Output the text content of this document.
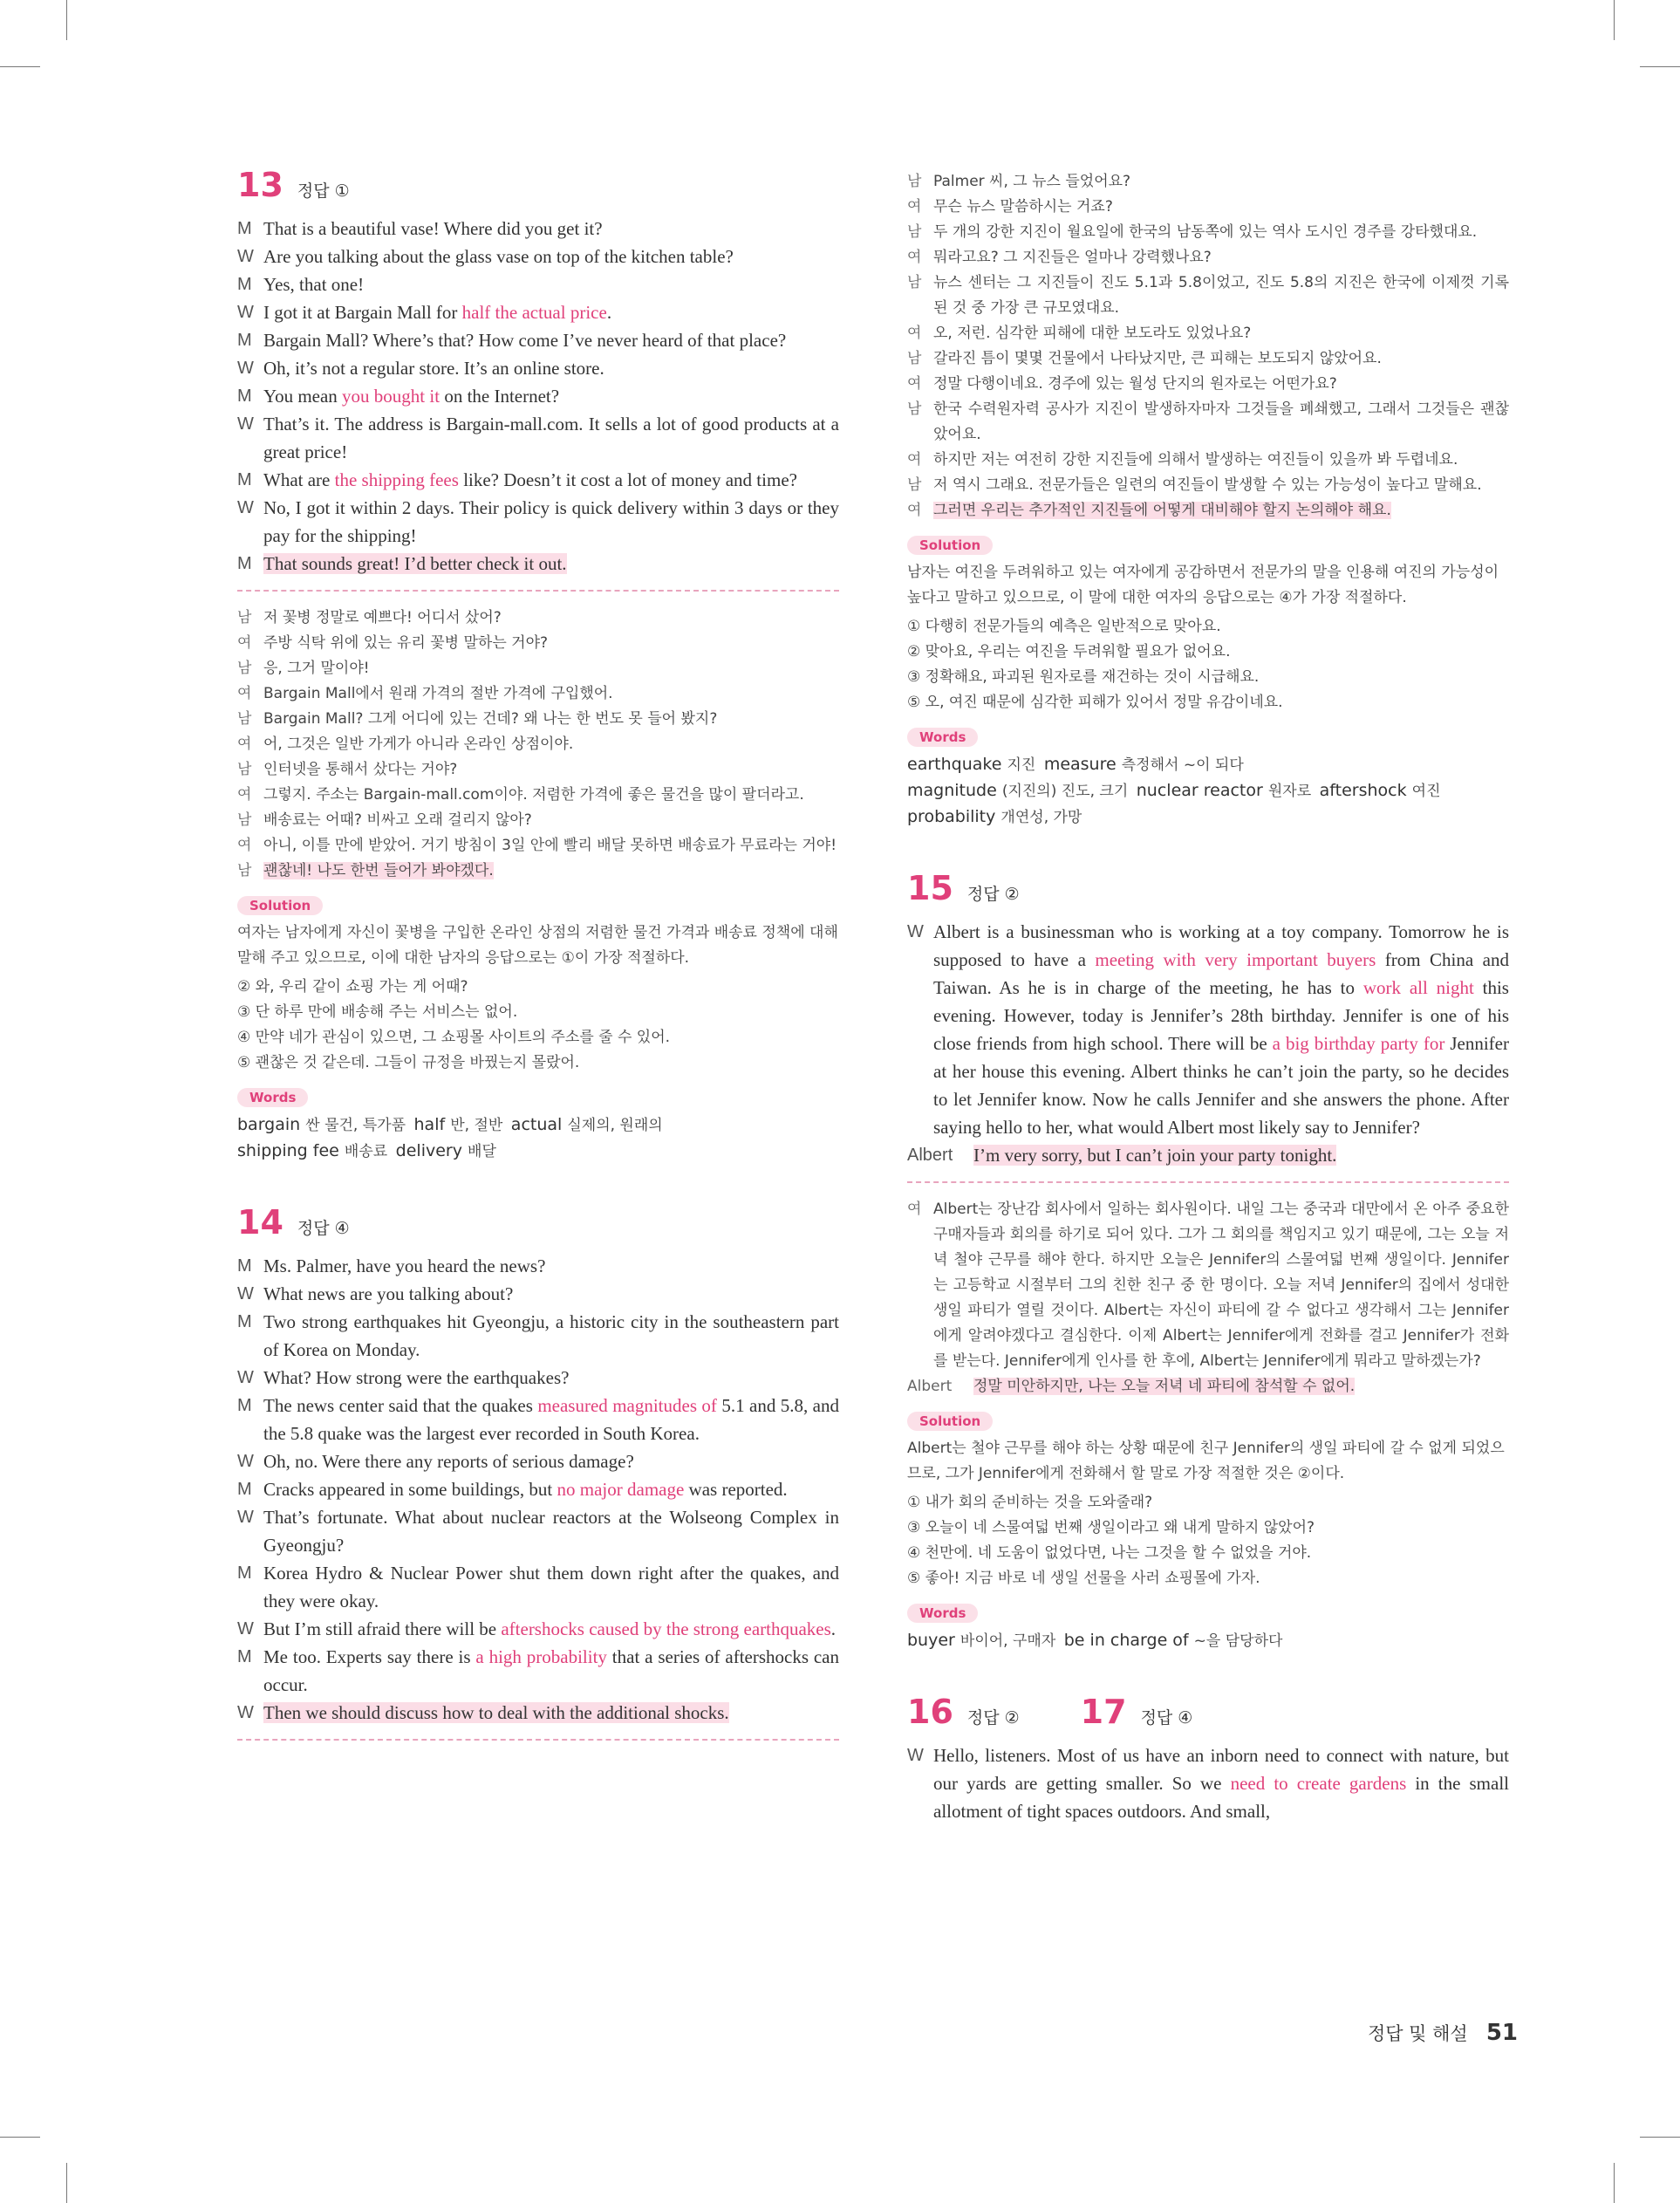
13 정답 ①
M That is a beautiful vase! Where did you get it?
W Are you talking about the glass vase on top of the kitchen table?
M Yes, that one!
W I got it at Bargain Mall for half the actual price.
M Bargain Mall? Where’s that? How come I’ve never heard of that place?
W Oh, it’s not a regular store. It’s an online store.
M You mean you bought it on the Internet?
W That’s it. The address is Bargain-mall.com. It sells a lot of good products at a great price!
M What are the shipping fees like? Doesn’t it cost a lot of money and time?
W No, I got it within 2 days. Their policy is quick delivery within 3 days or they pay for the shipping!
M That sounds great! I’d better check it out.
남 저 꽃병 정말로 예쁘다! 어디서 샀어?
여 주방 식탁 위에 있는 유리 꽃병 말하는 거야?
남 응, 그거 말이야!
여 Bargain Mall에서 원래 가격의 절반 가격에 구입했어.
남 Bargain Mall? 그게 어디에 있는 건데? 왜 나는 한 번도 못 들어 봤지?
여 어, 그것은 일반 가게가 아니라 온라인 상점이야.
남 인터넷을 통해서 샀다는 거야?
여 그렇지. 주소는 Bargain-mall.com이야. 저렴한 가격에 좋은 물건을 많이 팔더라고.
남 배송료는 어때? 비싸고 오래 걸리지 않아?
여 아니, 이틀 만에 받았어. 거기 방침이 3일 안에 빨리 배달 못하면 배송료가 무료라는 거야!
남 괜찮네! 나도 한번 들어가 봐야겠다.
Solution
여자는 남자에게 자신이 꽃병을 구입한 온라인 상점의 저렴한 물건 가격과 배송료 정책에 대해 말해 주고 있으므로, 이에 대한 남자의 응답으로는 ①이 가장 적절하다.
② 와, 우리 같이 쇼핑 가는 게 어때?
③ 단 하루 만에 배송해 주는 서비스는 없어.
④ 만약 네가 관심이 있으면, 그 쇼핑몰 사이트의 주소를 줄 수 있어.
⑤ 괜찮은 것 같은데. 그들이 규정을 바꿨는지 몰랐어.
Words
bargain 싼 물건, 특가품  half 반, 절반  actual 실제의, 원래의
shipping fee 배송료  delivery 배달
14 정답 ④
M Ms. Palmer, have you heard the news?
W What news are you talking about?
M Two strong earthquakes hit Gyeongju, a historic city in the southeastern part of Korea on Monday.
W What? How strong were the earthquakes?
M The news center said that the quakes measured magnitudes of 5.1 and 5.8, and the 5.8 quake was the largest ever recorded in South Korea.
W Oh, no. Were there any reports of serious damage?
M Cracks appeared in some buildings, but no major damage was reported.
W That’s fortunate. What about nuclear reactors at the Wolseong Complex in Gyeongju?
M Korea Hydro & Nuclear Power shut them down right after the quakes, and they were okay.
W But I’m still afraid there will be aftershocks caused by the strong earthquakes.
M Me too. Experts say there is a high probability that a series of aftershocks can occur.
W Then we should discuss how to deal with the additional shocks.
남 Palmer 씨, 그 뉴스 들었어요?
여 무슨 뉴스 말씀하시는 거죠?
남 두 개의 강한 지진이 월요일에 한국의 남동쪽에 있는 역사 도시인 경주를 강타했대요.
여 뭐라고요? 그 지진들은 얼마나 강력했나요?
남 뉴스 센터는 그 지진들이 진도 5.1과 5.8이었고, 진도 5.8의 지진은 한국에 이제껏 기록된 것 중 가장 큰 규모였대요.
여 오, 저런. 심각한 피해에 대한 보도라도 있었나요?
남 갈라진 틈이 몇몇 건물에서 나타났지만, 큰 피해는 보도되지 않았어요.
여 정말 다행이네요. 경주에 있는 월성 단지의 원자로는 어떤가요?
남 한국 수력원자력 공사가 지진이 발생하자마자 그것들을 폐쇄했고, 그래서 그것들은 괜찮았어요.
여 하지만 저는 여전히 강한 지진들에 의해서 발생하는 여진들이 있을까 봐 두렵네요.
남 저 역시 그래요. 전문가들은 일련의 여진들이 발생할 수 있는 가능성이 높다고 말해요.
여 그러면 우리는 추가적인 지진들에 어떻게 대비해야 할지 논의해야 해요.
Solution
남자는 여진을 두려워하고 있는 여자에게 공감하면서 전문가의 말을 인용해 여진의 가능성이 높다고 말하고 있으므로, 이 말에 대한 여자의 응답으로는 ④가 가장 적절하다.
① 다행히 전문가들의 예측은 일반적으로 맞아요.
② 맞아요, 우리는 여진을 두려워할 필요가 없어요.
③ 정확해요, 파괴된 원자로를 재건하는 것이 시급해요.
⑤ 오, 여진 때문에 심각한 피해가 있어서 정말 유감이네요.
Words
earthquake 지진  measure 측정해서 ~이 되다
magnitude (지진의) 진도, 크기  nuclear reactor 원자로  aftershock 여진
probability 개연성, 가망
15 정답 ②
W Albert is a businessman who is working at a toy company. Tomorrow he is supposed to have a meeting with very important buyers from China and Taiwan. As he is in charge of the meeting, he has to work all night this evening. However, today is Jennifer’s 28th birthday. Jennifer is one of his close friends from high school. There will be a big birthday party for Jennifer at her house this evening. Albert thinks he can’t join the party, so he decides to let Jennifer know. Now he calls Jennifer and she answers the phone. After saying hello to her, what would Albert most likely say to Jennifer?
Albert	I’m very sorry, but I can’t join your party tonight.
여 Albert는 장난감 회사에서 일하는 회사원이다. 내일 그는 중국과 대만에서 온 아주 중요한 구매자들과 회의를 하기로 되어 있다. 그가 그 회의를 책임지고 있기 때문에, 그는 오늘 저녁 철야 근무를 해야 한다. 하지만 오늘은 Jennifer의 스물여덟 번째 생일이다. Jennifer는 고등학교 시절부터 그의 친한 친구 중 한 명이다. 오늘 저녁 Jennifer의 집에서 성대한 생일 파티가 열릴 것이다. Albert는 자신이 파티에 갈 수 없다고 생각해서 그는 Jennifer에게 알려야겠다고 결심한다. 이제 Albert는 Jennifer에게 전화를 걸고 Jennifer가 전화를 받는다. Jennifer에게 인사를 한 후에, Albert는 Jennifer에게 뭐라고 말하겠는가?
Albert	정말 미안하지만, 나는 오늘 저녁 네 파티에 참석할 수 없어.
Solution
Albert는 철야 근무를 해야 하는 상황 때문에 친구 Jennifer의 생일 파티에 갈 수 없게 되었으므로, 그가 Jennifer에게 전화해서 할 말로 가장 적절한 것은 ②이다.
① 내가 회의 준비하는 것을 도와줄래?
③ 오늘이 네 스물여덟 번째 생일이라고 왜 내게 말하지 않았어?
④ 천만에. 네 도움이 없었다면, 나는 그것을 할 수 없었을 거야.
⑤ 좋아! 지금 바로 네 생일 선물을 사러 쇼핑몰에 가자.
Words
buyer 바이어, 구매자  be in charge of ~을 담당하다
16 정답 ② 17 정답 ④
W Hello, listeners. Most of us have an inborn need to connect with nature, but our yards are getting smaller. So we need to create gardens in the small allotment of tight spaces outdoors. And small,
정답 및 해설 51
